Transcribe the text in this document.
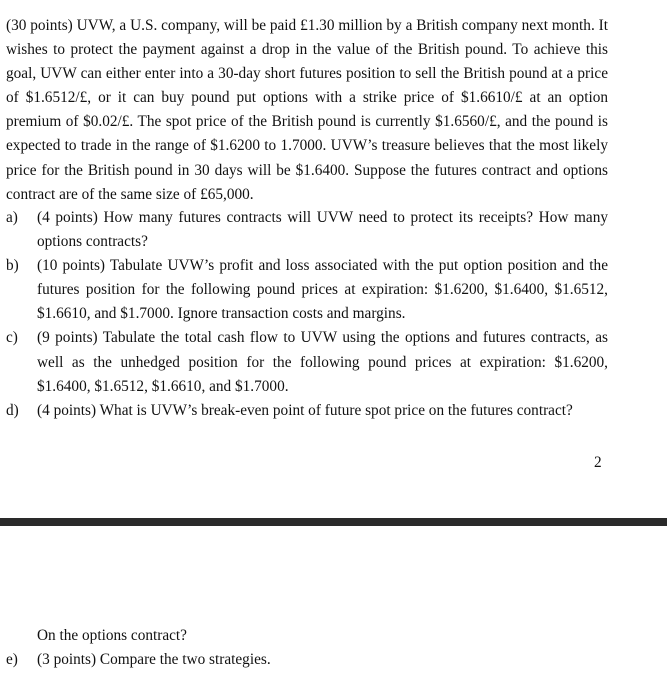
(30 points) UVW, a U.S. company, will be paid £1.30 million by a British company next month. It wishes to protect the payment against a drop in the value of the British pound. To achieve this goal, UVW can either enter into a 30-day short futures position to sell the British pound at a price of $1.6512/£, or it can buy pound put options with a strike price of $1.6610/£ at an option premium of $0.02/£. The spot price of the British pound is currently $1.6560/£, and the pound is expected to trade in the range of $1.6200 to 1.7000. UVW’s treasure believes that the most likely price for the British pound in 30 days will be $1.6400. Suppose the futures contract and options contract are of the same size of £65,000.

a) (4 points) How many futures contracts will UVW need to protect its receipts? How many options contracts?
b) (10 points) Tabulate UVW’s profit and loss associated with the put option position and the futures position for the following pound prices at expiration: $1.6200, $1.6400, $1.6512, $1.6610, and $1.7000. Ignore transaction costs and margins.
c) (9 points) Tabulate the total cash flow to UVW using the options and futures contracts, as well as the unhedged position for the following pound prices at expiration: $1.6200, $1.6400, $1.6512, $1.6610, and $1.7000.
d) (4 points) What is UVW’s break-even point of future spot price on the futures contract?
2
On the options contract?
e) (3 points) Compare the two strategies.
